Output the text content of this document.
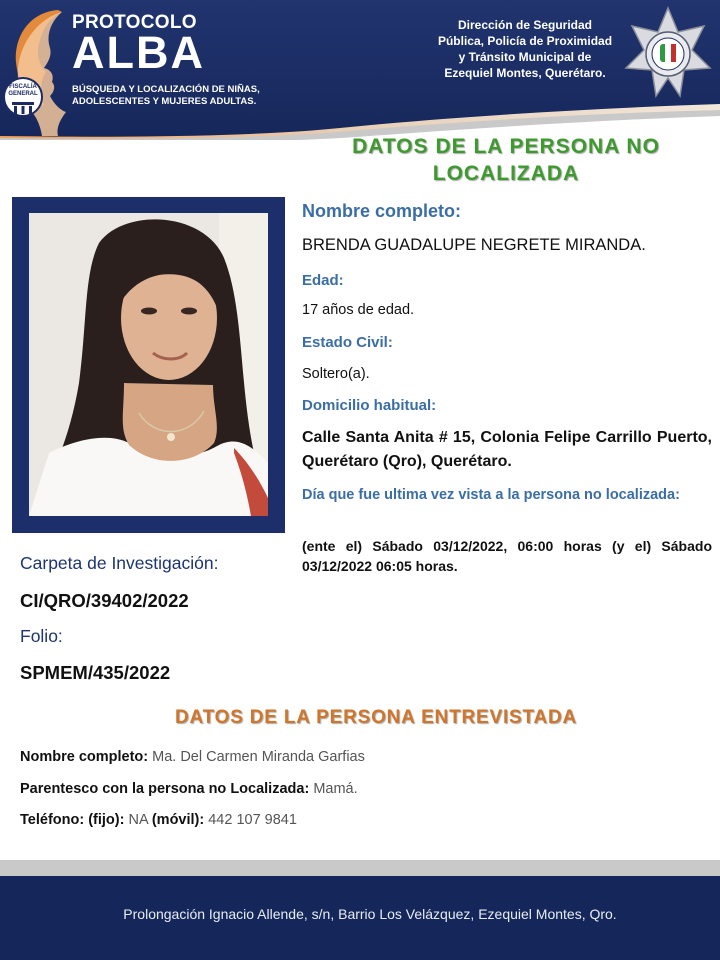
PROTOCOLO
ALBA
BÚSQUEDA Y LOCALIZACIÓN DE NIÑAS, ADOLESCENTES Y MUJERES ADULTAS.
FISCALÍA GENERAL
Dirección de Seguridad
Pública, Policía de Proximidad
y Tránsito Municipal de
Ezequiel Montes, Querétaro.
DATOS DE LA PERSONA NO LOCALIZADA
Nombre completo:
BRENDA GUADALUPE NEGRETE MIRANDA.
Edad:
17 años de edad.
Estado Civil:
Soltero(a).
Domicilio habitual:
Calle Santa Anita # 15, Colonia Felipe Carrillo Puerto, Querétaro (Qro), Querétaro.
Día que fue ultima vez vista a la persona no localizada:
(ente el) Sábado 03/12/2022, 06:00 horas (y el) Sábado 03/12/2022 06:05 horas.
Carpeta de Investigación:
CI/QRO/39402/2022
Folio:
SPMEM/435/2022
DATOS DE LA PERSONA ENTREVISTADA
Nombre completo: Ma. Del Carmen Miranda Garfias
Parentesco con la persona no Localizada: Mamá.
Teléfono: (fijo): NA (móvil): 442 107 9841
Prolongación Ignacio Allende, s/n, Barrio Los Velázquez, Ezequiel Montes, Qro.
